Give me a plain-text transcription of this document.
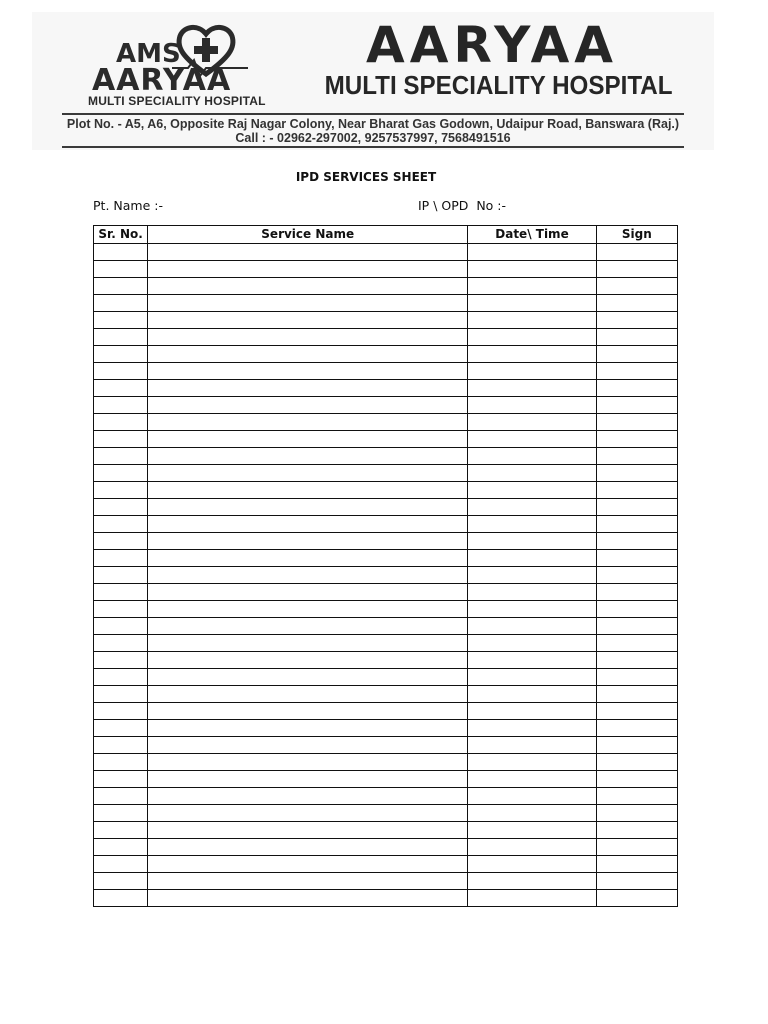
AMS
AARYAA
MULTI SPECIALITY HOSPITAL
AARYAA
MULTI SPECIALITY HOSPITAL
Plot No. - A5, A6, Opposite Raj Nagar Colony, Near Bharat Gas Godown, Udaipur Road, Banswara (Raj.)
Call : - 02962-297002, 9257537997, 7568491516
IPD SERVICES SHEET
Pt. Name :-	IP \ OPD  No :-
Sr. No.	Service Name	Date\ Time	Sign
